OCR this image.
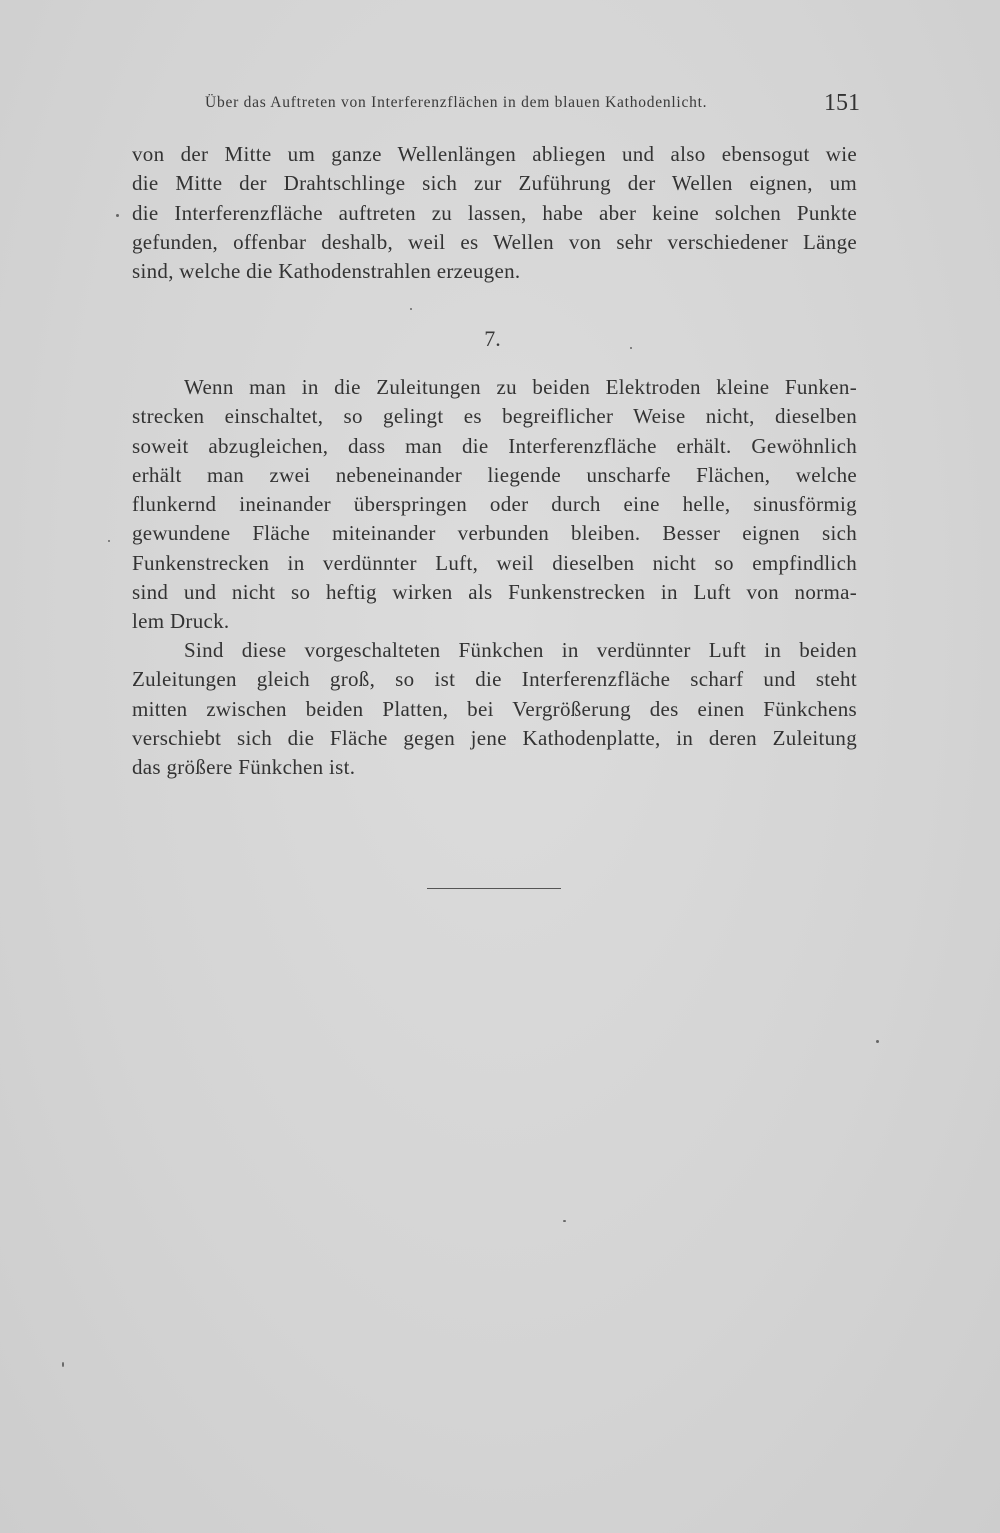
Über das Auftreten von Interferenzflächen in dem blauen Kathodenlicht.	151
von der Mitte um ganze Wellenlängen abliegen und also ebensogut wie
die Mitte der Drahtschlinge sich zur Zuführung der Wellen eignen, um
die Interferenzfläche auftreten zu lassen, habe aber keine solchen Punkte
gefunden, offenbar deshalb, weil es Wellen von sehr verschiedener Länge
sind, welche die Kathodenstrahlen erzeugen.
7.
Wenn man in die Zuleitungen zu beiden Elektroden kleine Funken-
strecken einschaltet, so gelingt es begreiflicher Weise nicht, dieselben
soweit abzugleichen, dass man die Interferenzfläche erhält. Gewöhnlich
erhält man zwei nebeneinander liegende unscharfe Flächen, welche
flunkernd ineinander überspringen oder durch eine helle, sinusförmig
gewundene Fläche miteinander verbunden bleiben. Besser eignen sich
Funkenstrecken in verdünnter Luft, weil dieselben nicht so empfindlich
sind und nicht so heftig wirken als Funkenstrecken in Luft von norma-
lem Druck.
Sind diese vorgeschalteten Fünkchen in verdünnter Luft in beiden
Zuleitungen gleich groß, so ist die Interferenzfläche scharf und steht
mitten zwischen beiden Platten, bei Vergrößerung des einen Fünkchens
verschiebt sich die Fläche gegen jene Kathodenplatte, in deren Zuleitung
das größere Fünkchen ist.
